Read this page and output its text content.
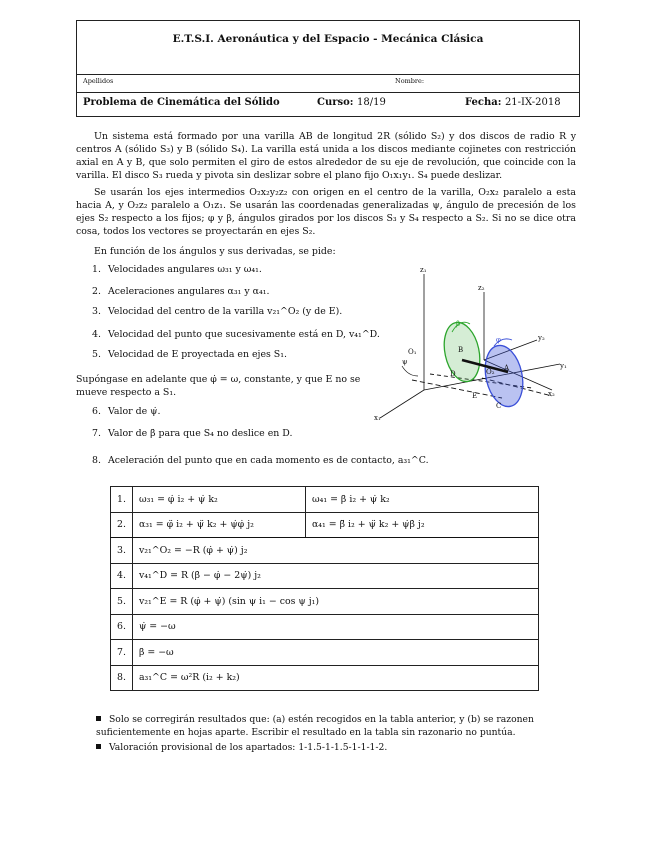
E.T.S.I. Aeronáutica y del Espacio - Mecánica Clásica
Apellidos	Nombre:
Problema de Cinemática del Sólido	Curso: 18/19	Fecha: 21-IX-2018
Un sistema está formado por una varilla AB de longitud 2R (sólido S₂) y dos discos de radio R y centros A (sólido S₃) y B (sólido S₄). La varilla está unida a los discos mediante cojinetes con restricción axial en A y B, que solo permiten el giro de estos alrededor de su eje de revolución, que coincide con la varilla. El disco S₃ rueda y pivota sin deslizar sobre el plano fijo O₁x₁y₁. S₄ puede deslizar.
Se usarán los ejes intermedios O₂x₂y₂z₂ con origen en el centro de la varilla, O₂x₂ paralelo a esta hacia A, y O₂z₂ paralelo a O₁z₁. Se usarán las coordenadas generalizadas ψ, ángulo de precesión de los ejes S₂ respecto a los fijos; φ y β, ángulos girados por los discos S₃ y S₄ respecto a S₂. Si no se dice otra cosa, todos los vectores se proyectarán en ejes S₂.
En función de los ángulos y sus derivadas, se pide:
1. Velocidades angulares ω₃₁ y ω₄₁.
2. Aceleraciones angulares α₃₁ y α₄₁.
3. Velocidad del centro de la varilla v₂₁^O₂ (y de E).
4. Velocidad del punto que sucesivamente está en D, v₄₁^D.
5. Velocidad de E proyectada en ejes S₁.
Supóngase en adelante que φ̇ = ω, constante, y que E no se mueve respecto a S₁.
6. Valor de ψ̇.
7. Valor de β̇ para que S₄ no deslice en D.
8. Aceleración del punto que en cada momento es de contacto, a₃₁^C.
z₁
z₂
y₂
y₁
x₁
x₂
O₁
O₂ A
B
C
D
E
ψ
β
φ
1.	ω₃₁ = φ̇ i₂ + ψ̇ k₂	ω₄₁ = β̇ i₂ + ψ̇ k₂
2.	α₃₁ = φ̈ i₂ + ψ̈ k₂ + ψ̇φ̇ j₂	α₄₁ = β̈ i₂ + ψ̈ k₂ + ψ̇β̇ j₂
3.	v₂₁^O₂ = −R (φ̇ + ψ̇) j₂	
4.	v₄₁^D = R (β̇ − φ̇ − 2ψ̇) j₂	
5.	v₂₁^E = R (φ̇ + ψ̇) (sin ψ i₁ − cos ψ j₁)	
6.	ψ̇ = −ω	
7.	β̇ = −ω	
8.	a₃₁^C = ω²R (i₂ + k₂)	
Solo se corregirán resultados que: (a) estén recogidos en la tabla anterior, y (b) se razonen suficientemente en hojas aparte. Escribir el resultado en la tabla sin razonario no puntúa.
Valoración provisional de los apartados: 1-1.5-1-1.5-1-1-1-2.
